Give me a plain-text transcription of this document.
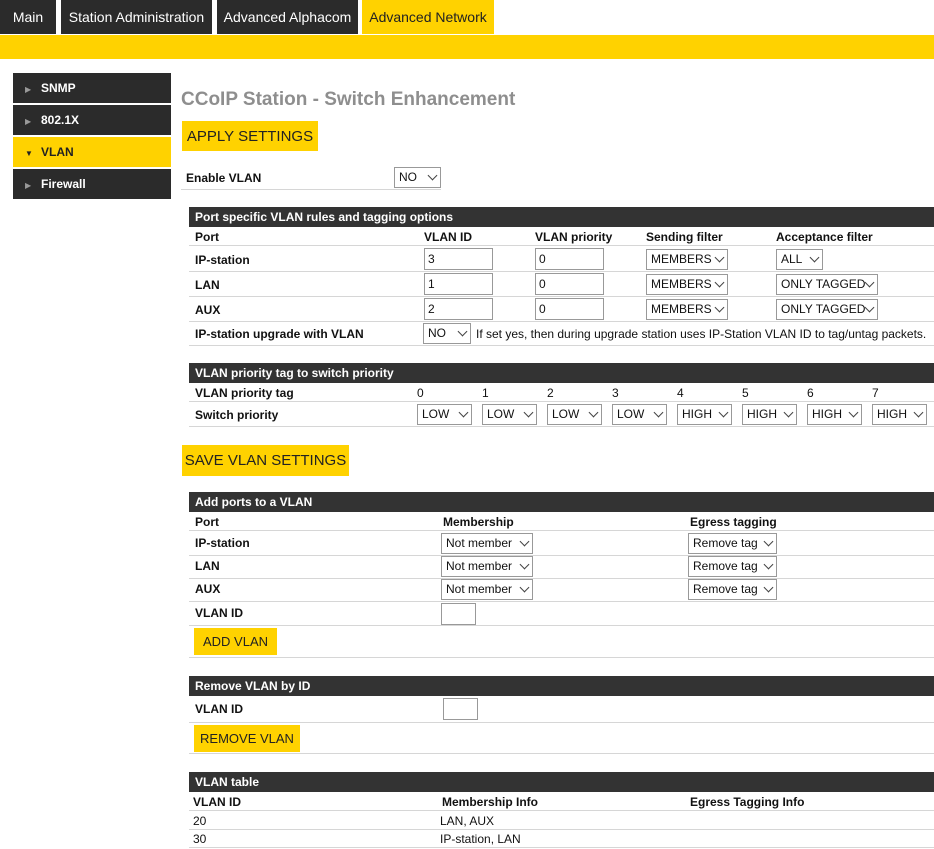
Main	Station Administration	Advanced Alphacom	Advanced Network
▶ SNMP
▶ 802.1X
▼ VLAN
▶ Firewall
CCoIP Station - Switch Enhancement
APPLY SETTINGS
Enable VLAN	NO
Port specific VLAN rules and tagging options
Port	VLAN ID	VLAN priority	Sending filter	Acceptance filter
IP-station	3	0	MEMBERS	ALL
LAN	1	0	MEMBERS	ONLY TAGGED
AUX	2	0	MEMBERS	ONLY TAGGED
IP-station upgrade with VLAN	NO	If set yes, then during upgrade station uses IP-Station VLAN ID to tag/untag packets.
VLAN priority tag to switch priority
VLAN priority tag	0	1	2	3	4	5	6	7
Switch priority	LOW	LOW	LOW	LOW	HIGH	HIGH	HIGH	HIGH
SAVE VLAN SETTINGS
Add ports to a VLAN
Port	Membership	Egress tagging
IP-station	Not member	Remove tag
LAN	Not member	Remove tag
AUX	Not member	Remove tag
VLAN ID
ADD VLAN
Remove VLAN by ID
VLAN ID
REMOVE VLAN
VLAN table
VLAN ID	Membership Info	Egress Tagging Info
20	LAN, AUX
30	IP-station, LAN
